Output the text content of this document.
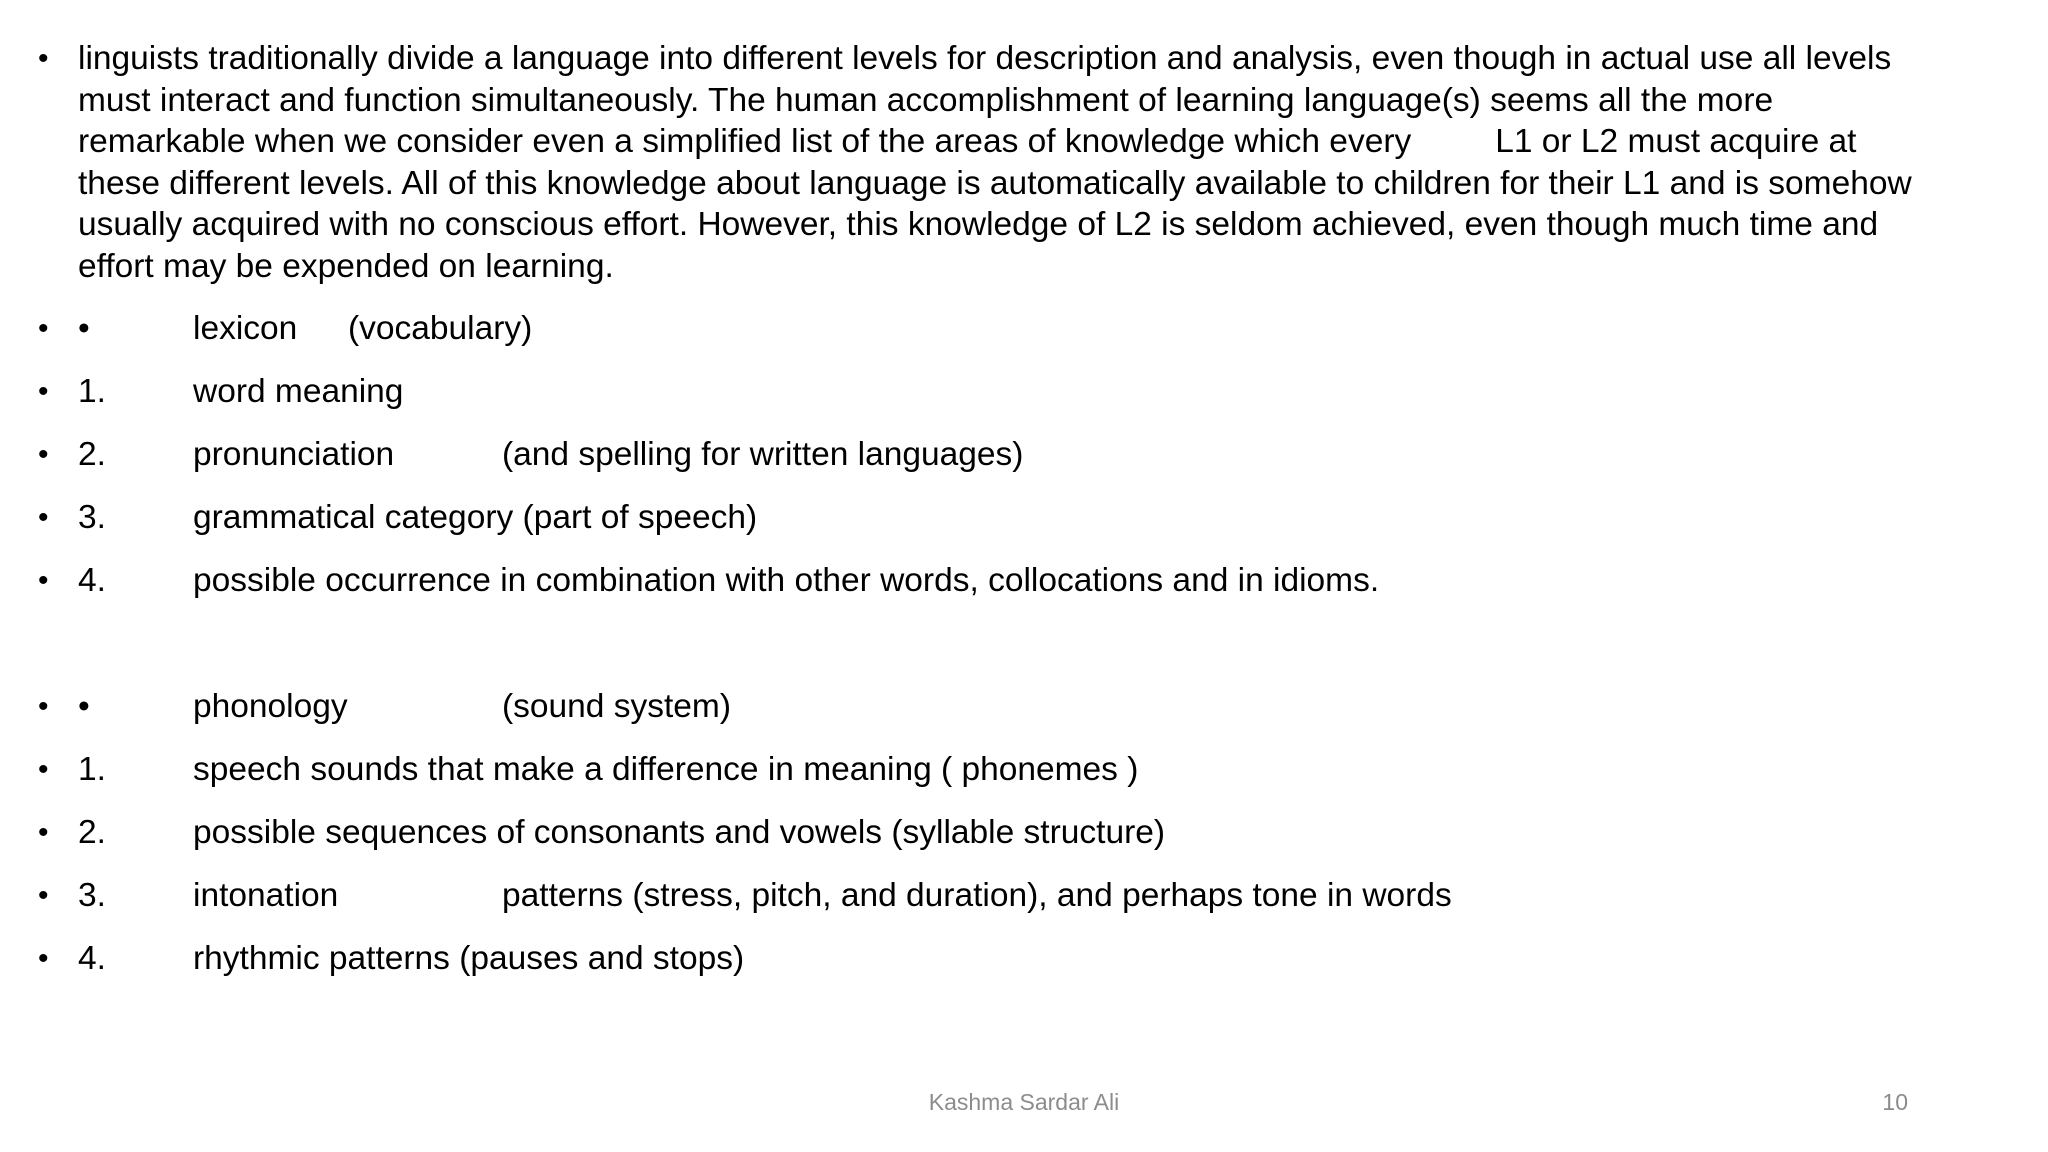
• linguists traditionally divide a language into different levels for description and analysis, even though in actual use all levels
must interact and function simultaneously. The human accomplishment of learning language(s) seems all the more
remarkable when we consider even a simplified list of the areas of knowledge which every	L1 or L2 must acquire at
these different levels. All of this knowledge about language is automatically available to children for their L1 and is somehow
usually acquired with no conscious effort. However, this knowledge of L2 is seldom achieved, even though much time and
effort may be expended on learning.
• •	lexicon (vocabulary)
• 1.	word meaning
• 2.	pronunciation	(and spelling for written languages)
• 3.	grammatical category (part of speech)
• 4.	possible occurrence in combination with other words, collocations and in idioms.
• •	phonology	(sound system)
• 1.	speech sounds that make a difference in meaning ( phonemes )
• 2.	possible sequences of consonants and vowels (syllable structure)
• 3.	intonation	patterns (stress, pitch, and duration), and perhaps tone in words
• 4.	rhythmic patterns (pauses and stops)
Kashma Sardar Ali	10
